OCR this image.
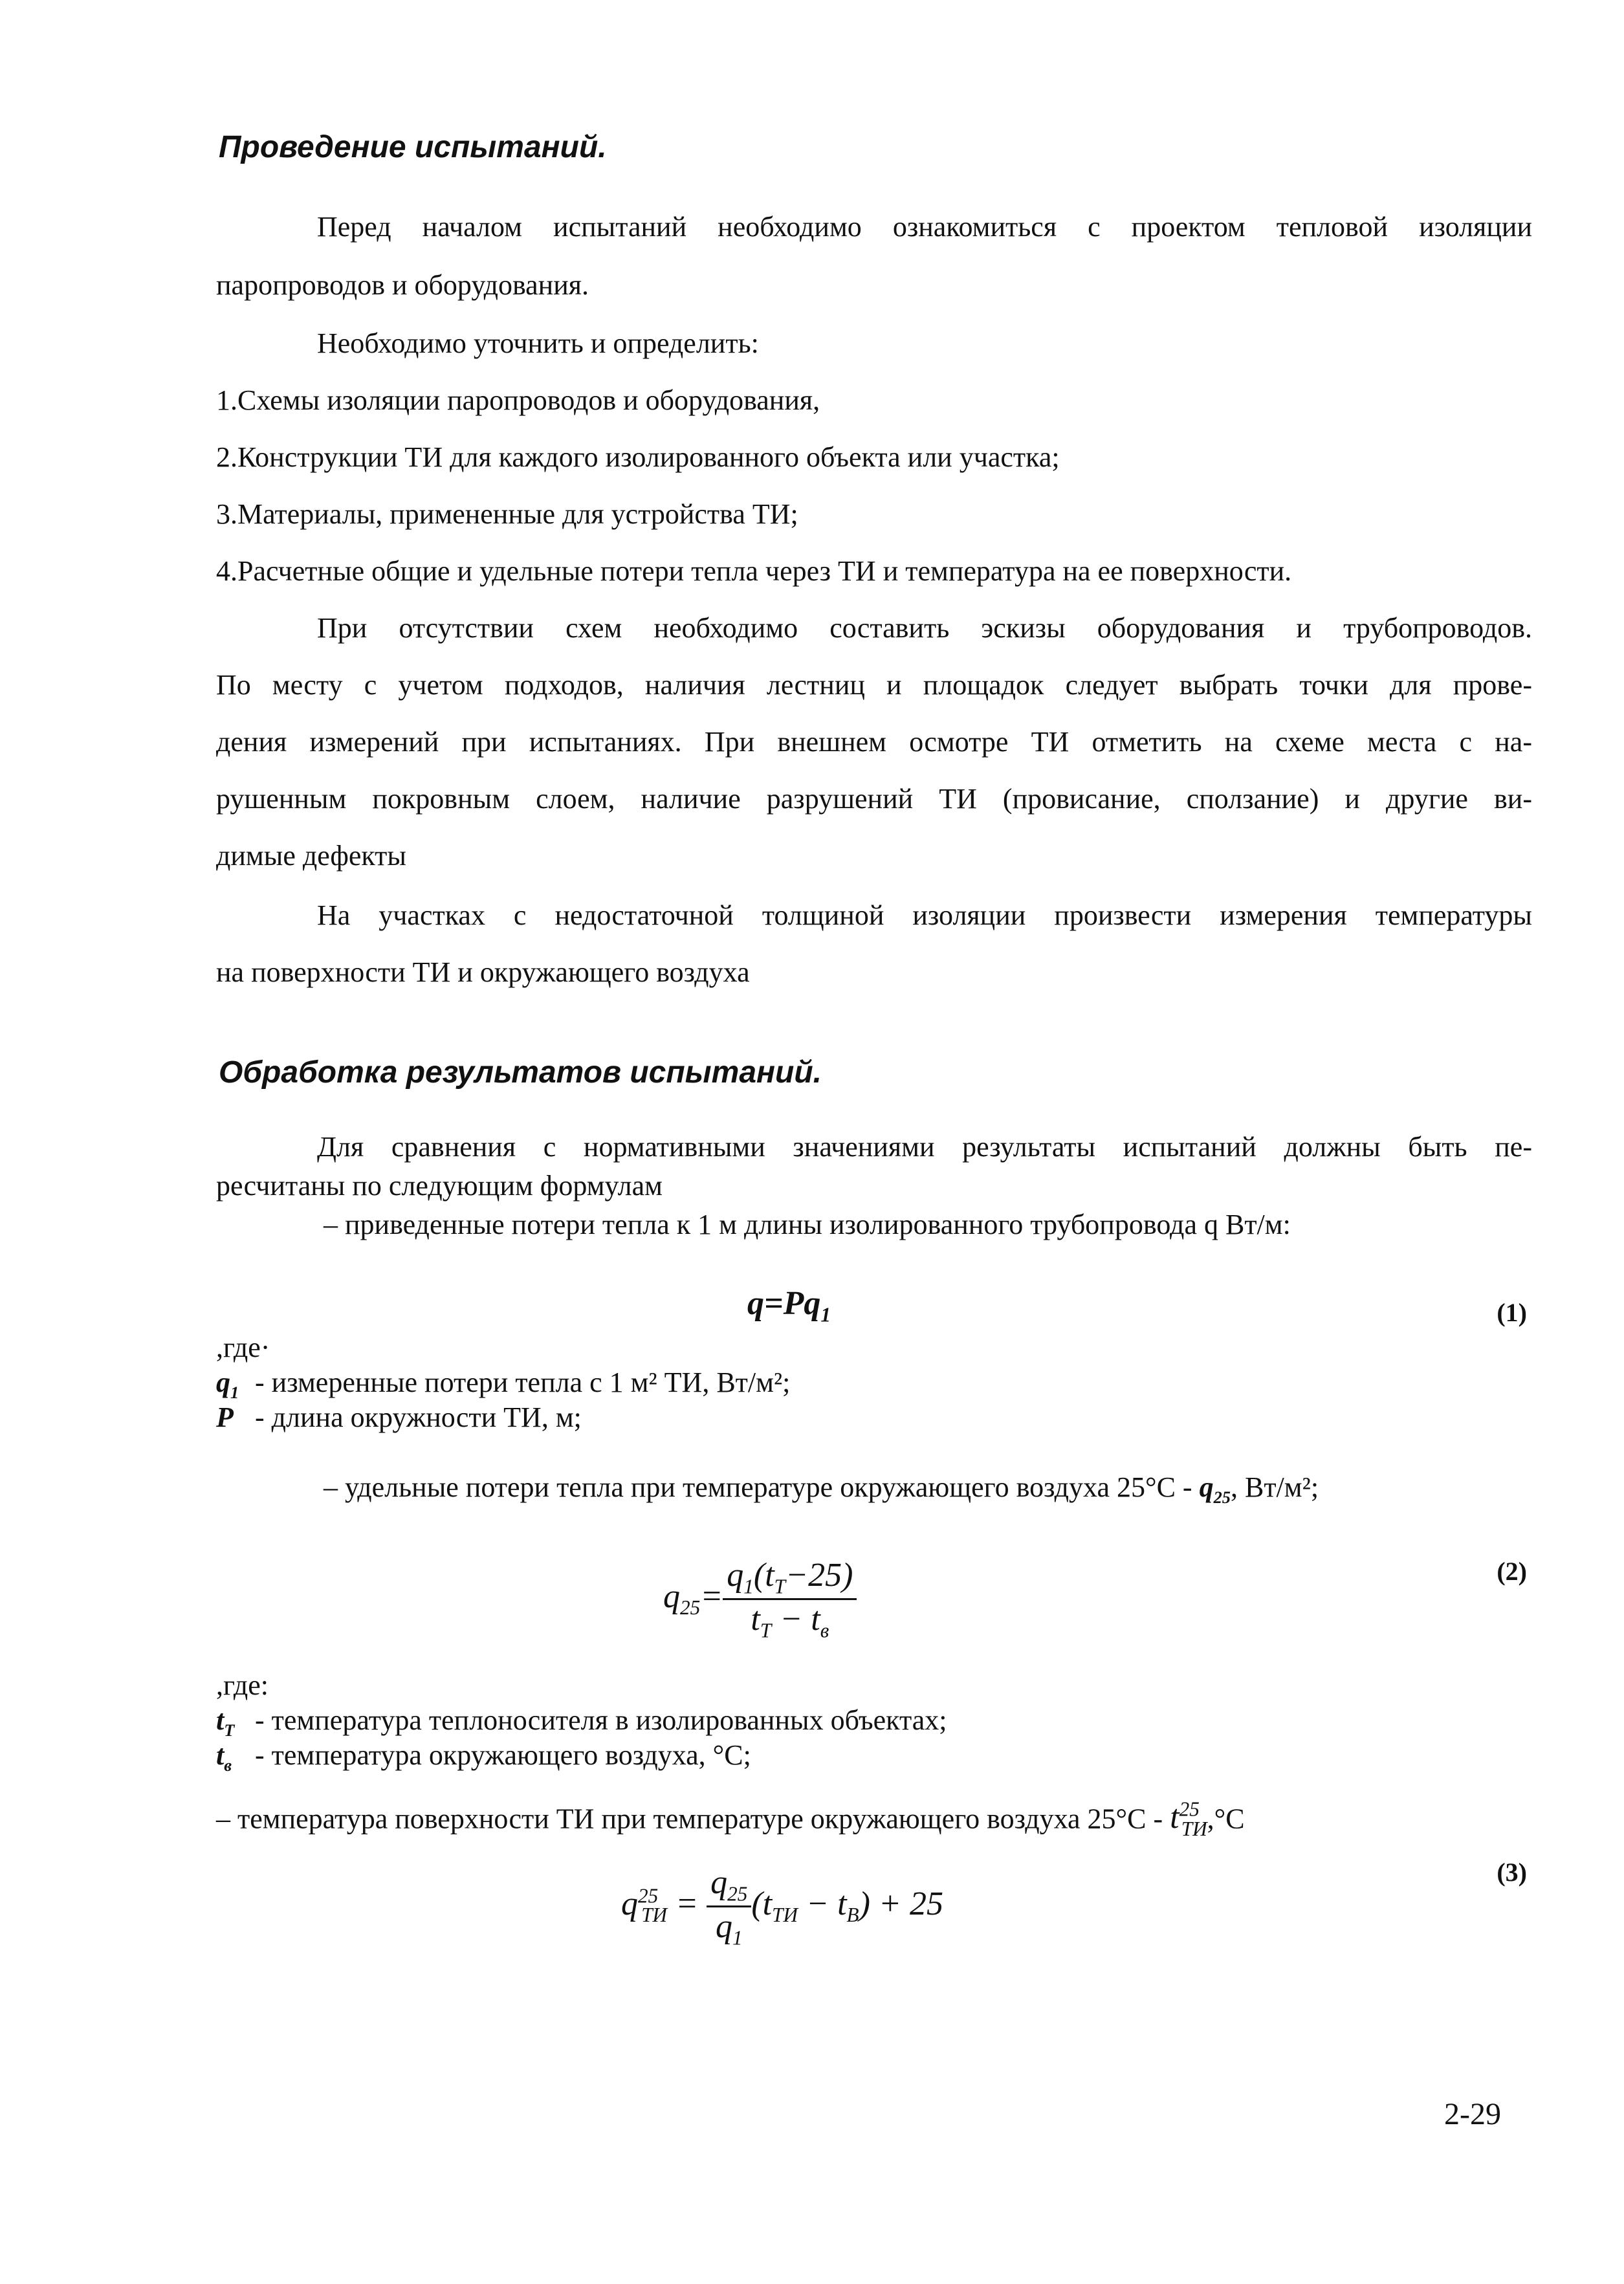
Проведение испытаний.

Перед началом испытаний необходимо ознакомиться с проектом тепловой изоляции

паропроводов и оборудования.

Необходимо уточнить и определить:

1.Схемы изоляции паропроводов и оборудования,

2.Конструкции ТИ для каждого изолированного объекта или участка;

3.Материалы, примененные для устройства ТИ;

4.Расчетные общие и удельные потери тепла через ТИ и температура на ее поверхности.

При отсутствии схем необходимо составить эскизы оборудования и трубопроводов.

По месту с учетом подходов, наличия лестниц и площадок следует выбрать точки для прове-

дения измерений при испытаниях. При внешнем осмотре ТИ отметить на схеме места с на-

рушенным покровным слоем, наличие разрушений ТИ (провисание, сползание) и другие ви-

димые дефекты

На участках с недостаточной толщиной изоляции произвести измерения температуры

на поверхности ТИ и окружающего воздуха

Обработка результатов испытаний.

Для сравнения с нормативными значениями результаты испытаний должны быть пе-

ресчитаны по следующим формулам

– приведенные потери тепла к 1 м длины изолированного трубопровода q Вт/м:

$q=Pq_1$	(1)

,где·

$q_1$ - измеренные потери тепла с 1 м² ТИ, Вт/м²;

P - длина окружности ТИ, м;

– удельные потери тепла при температуре окружающего воздуха $25^\circ С - q_{25}$, Вт/м²;

$q_{25}= \frac{q_1(t_T-25)}{t_T - t_в}$	(2)

,где:

$t_T$ - температура теплоносителя в изолированных объектах;

$t_в$ - температура окружающего воздуха, °С;

– температура поверхности ТИ при температуре окружающего воздуха $25^\circ С - t^{25}_{ТИ},^\circ С$

$q^{25}_{ТИ} = \frac{q_{25}}{q_1} (t_{ТИ} - t_В) + 25$
(3)
2-29
